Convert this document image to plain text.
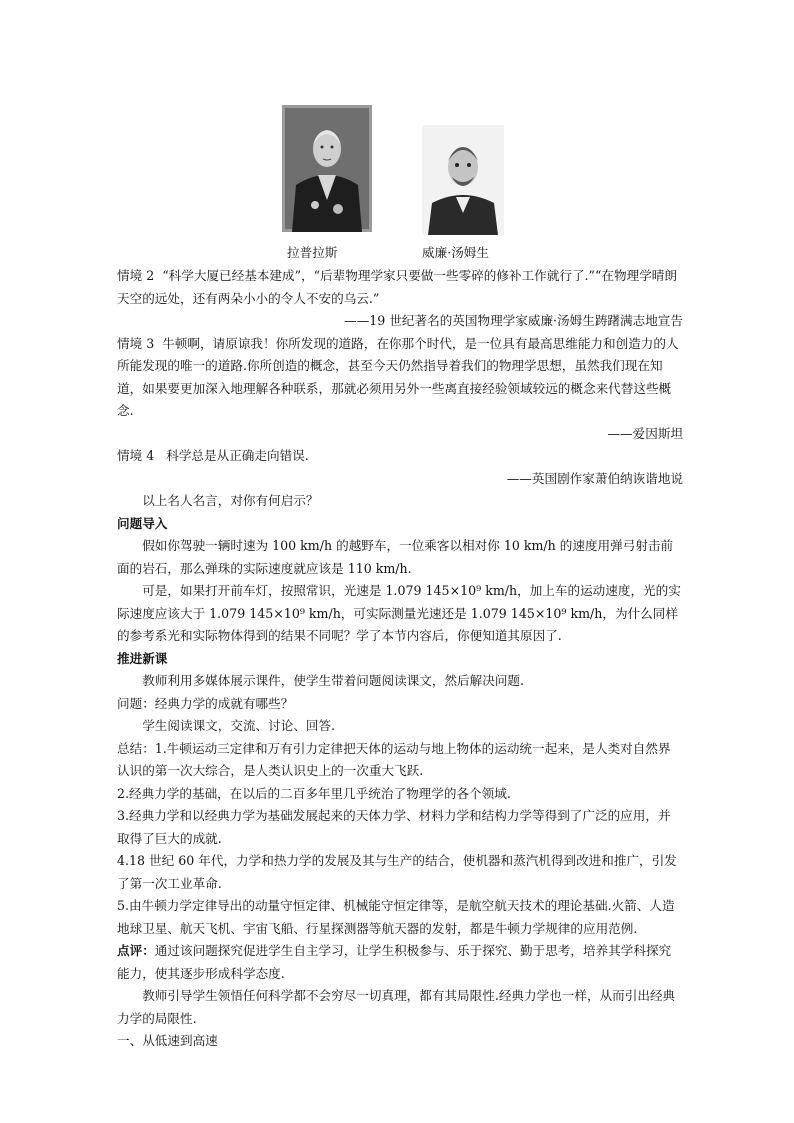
拉普拉斯	威廉·汤姆生

情境 2 “科学大厦已经基本建成”，“后辈物理学家只要做一些零碎的修补工作就行了.”“在物理学晴朗天空的远处，还有两朵小小的令人不安的乌云.”

——19 世纪著名的英国物理学家威廉·汤姆生踌躇满志地宣告

情境 3 牛顿啊，请原谅我！你所发现的道路，在你那个时代，是一位具有最高思维能力和创造力的人所能发现的唯一的道路.你所创造的概念，甚至今天仍然指导着我们的物理学思想，虽然我们现在知道，如果要更加深入地理解各种联系，那就必须用另外一些离直接经验领域较远的概念来代替这些概念.

——爱因斯坦

情境 4 科学总是从正确走向错误.

——英国剧作家萧伯纳诙谐地说

以上名人名言，对你有何启示？

问题导入

假如你驾驶一辆时速为 100 km/h 的越野车，一位乘客以相对你 10 km/h 的速度用弹弓射击前面的岩石，那么弹珠的实际速度就应该是 110 km/h.

可是，如果打开前车灯，按照常识，光速是 1.079 145×10⁹ km/h，加上车的运动速度，光的实际速度应该大于 1.079 145×10⁹ km/h，可实际测量光速还是 1.079 145×10⁹ km/h，为什么同样的参考系光和实际物体得到的结果不同呢？学了本节内容后，你便知道其原因了.

推进新课

教师利用多媒体展示课件，使学生带着问题阅读课文，然后解决问题.

问题：经典力学的成就有哪些？

学生阅读课文，交流、讨论、回答.

总结：1.牛顿运动三定律和万有引力定律把天体的运动与地上物体的运动统一起来，是人类对自然界认识的第一次大综合，是人类认识史上的一次重大飞跃.

2.经典力学的基础，在以后的二百多年里几乎统治了物理学的各个领域.

3.经典力学和以经典力学为基础发展起来的天体力学、材料力学和结构力学等得到了广泛的应用，并取得了巨大的成就.

4.18 世纪 60 年代，力学和热力学的发展及其与生产的结合，使机器和蒸汽机得到改进和推广，引发了第一次工业革命.

5.由牛顿力学定律导出的动量守恒定律、机械能守恒定律等，是航空航天技术的理论基础.火箭、人造地球卫星、航天飞机、宇宙飞船、行星探测器等航天器的发射，都是牛顿力学规律的应用范例.

点评：通过该问题探究促进学生自主学习，让学生积极参与、乐于探究、勤于思考，培养其学科探究能力，使其逐步形成科学态度.

教师引导学生领悟任何科学都不会穷尽一切真理，都有其局限性.经典力学也一样，从而引出经典力学的局限性.

一、从低速到高速
